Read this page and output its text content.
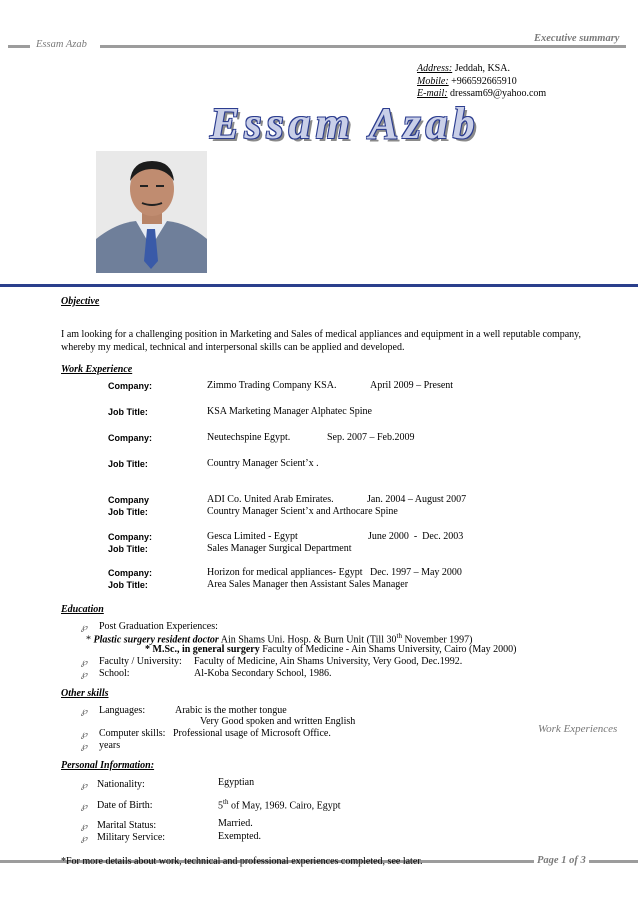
Essam Azab
Executive summary
Address: Jeddah, KSA.
Mobile: +966592665910
E-mail: dressam69@yahoo.com
Essam Azab
Objective
I am looking for a challenging position in Marketing and Sales of medical appliances and equipment in a well reputable company, whereby my medical, technical and interpersonal skills can be applied and developed.
Work Experience
Company:	Zimmo Trading Company KSA.	April 2009 – Present
Job Title:	KSA Marketing Manager Alphatec Spine
Company:	Neutechspine Egypt.	Sep. 2007 – Feb.2009
Job Title:	Country Manager Scient’x .
Company	ADI Co. United Arab Emirates.	Jan. 2004 – August 2007
Job Title:	Country Manager Scient’x and Arthocare Spine
Company:	Gesca Limited - Egypt	June 2000  -  Dec. 2003
Job Title:	Sales Manager Surgical Department
Company:	Horizon for medical appliances- Egypt   Dec. 1997 – May 2000
Job Title:	Area Sales Manager then Assistant Sales Manager
Education
℘ Post Graduation Experiences:
* Plastic surgery resident doctor Ain Shams Uni. Hosp. & Burn Unit (Till 30th November 1997)
* M.Sc., in general surgery Faculty of Medicine - Ain Shams University, Cairo (May 2000)
℘ Faculty / University: Faculty of Medicine, Ain Shams University, Very Good, Dec.1992.
℘ School:	Al-Koba Secondary School, 1986.
Other skills
℘ Languages:	Arabic is the mother tongue
Very Good spoken and written English
℘ Computer skills: Professional usage of Microsoft Office.
℘ years
Work Experiences
Personal Information:
℘ Nationality:	Egyptian
℘ Date of Birth:	5th of May, 1969. Cairo, Egypt
℘ Marital Status:	Married.
℘ Military Service:	Exempted.
*For more details about work, technical and professional experiences completed, see later.	Page 1 of 3
